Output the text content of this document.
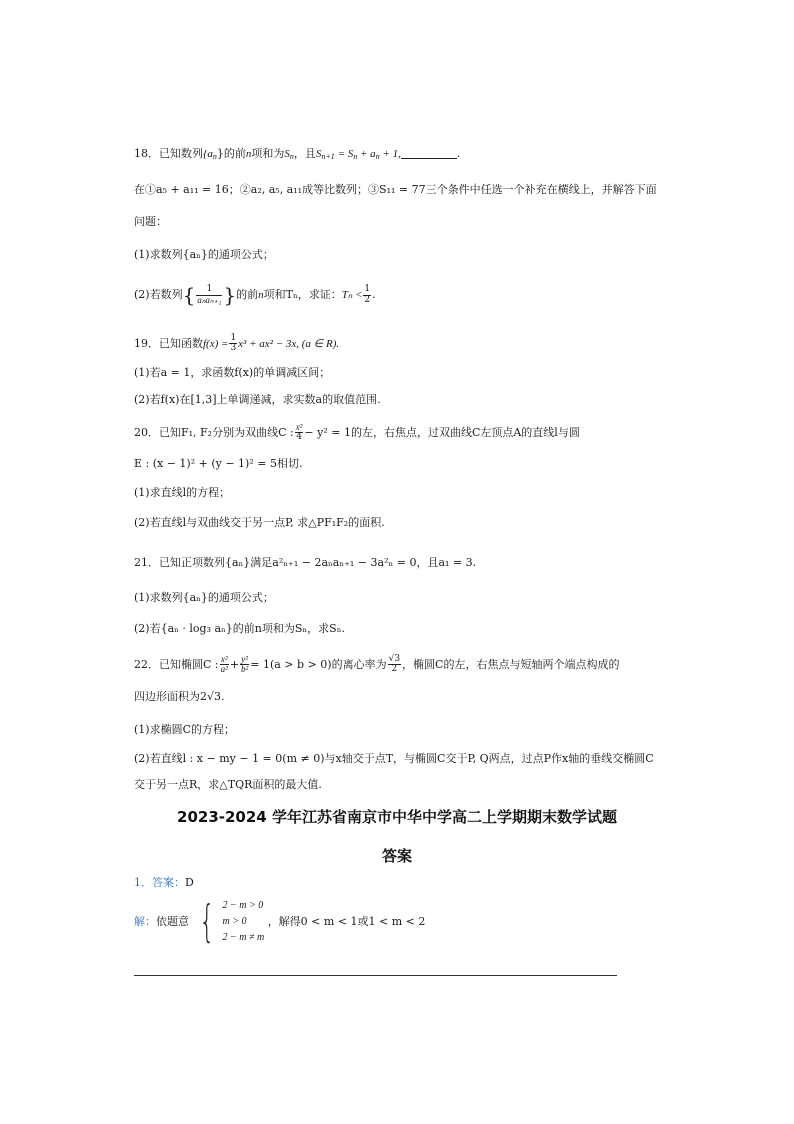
18．已知数列$\{a_n\}$的前n项和为$S_n$，且$S_{n+1} = S_n + a_n + 1$,	.
在①a₅ + a₁₁ = 16；②a₂, a₅, a₁₁成等比数列；③S₁₁ = 77三个条件中任选一个补充在横线上，并解答下面
问题：
(1)求数列{aₙ}的通项公式；
(2)若数列{ $\frac{1}{\text{aₙaₙ₊₁}}$ }的前n项和Tₙ，求证：$T_n < \frac{1}{2}$ .
19．已知函数$f(x) = \frac{1}{3} x^3 + ax^2 - 3x$, (a ∈ R).
(1)若a = 1，求函数f(x)的单调减区间；
(2)若f(x)在[1,3]上单调递减，求实数a的取值范围.
20．已知F₁, F₂分别为双曲线C : $\frac{\text{x²}}{4} - y^2 = 1$的左，右焦点，过双曲线C左顶点A的直线l与圆
E : (x − 1)² + (y − 1)² = 5相切.
(1)求直线l的方程；
(2)若直线l与双曲线交于另一点P, 求△PF₁F₂的面积.
21．已知正项数列{aₙ}满足a²ₙ₊₁ − 2aₙaₙ₊₁ − 3a²ₙ = 0，且a₁ = 3.
(1)求数列{aₙ}的通项公式；
(2)若{aₙ · log₃ aₙ}的前n项和为Sₙ，求Sₙ.
22．已知椭圆C : $\frac{\text{x²}}{\text{a²}} + \frac{\text{y²}}{\text{b²}} = 1(a > b > 0)$的离心率为 $\frac{√3}{2}$ ，椭圆C的左，右焦点与短轴两个端点构成的
四边形面积为2√3.
(1)求椭圆C的方程；
(2)若直线l : x − my − 1 = 0(m ≠ 0)与x轴交于点T，与椭圆C交于P, Q两点，过点P作x轴的垂线交椭圆C
交于另一点R，求△TQR面积的最大值.
2023-2024 学年江苏省南京市中华中学高二上学期期末数学试题
答案
1．答案：D
解：依题意 { 2 − m > 0
m > 0
2 − m ≠ m
，解得0 < m < 1或1 < m < 2
